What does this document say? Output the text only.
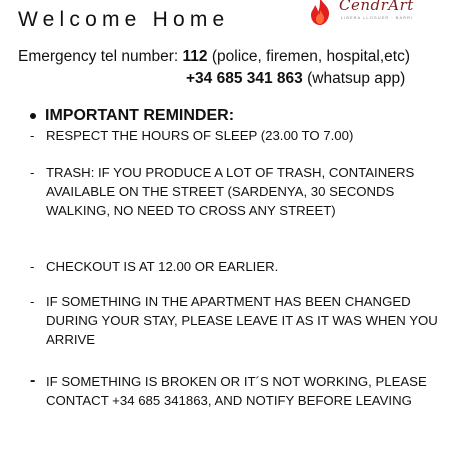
Welcome Home
CendrArt
LIBERA LLOGUER · BARRI
Emergency tel number: 112 (police, firemen, hospital,etc)
+34 685 341 863 (whatsup app)
IMPORTANT REMINDER:
- RESPECT THE HOURS OF SLEEP (23.00 TO 7.00)
- TRASH: IF YOU PRODUCE A LOT OF TRASH, CONTAINERS AVAILABLE ON THE STREET (SARDENYA, 30 SECONDS WALKING, NO NEED TO CROSS ANY STREET)
- CHECKOUT IS AT 12.00 OR EARLIER.
- IF SOMETHING IN THE APARTMENT HAS BEEN CHANGED DURING YOUR STAY, PLEASE LEAVE IT AS IT WAS WHEN YOU ARRIVE
- IF SOMETHING IS BROKEN OR IT´S NOT WORKING, PLEASE CONTACT +34 685 341863, AND NOTIFY BEFORE LEAVING
